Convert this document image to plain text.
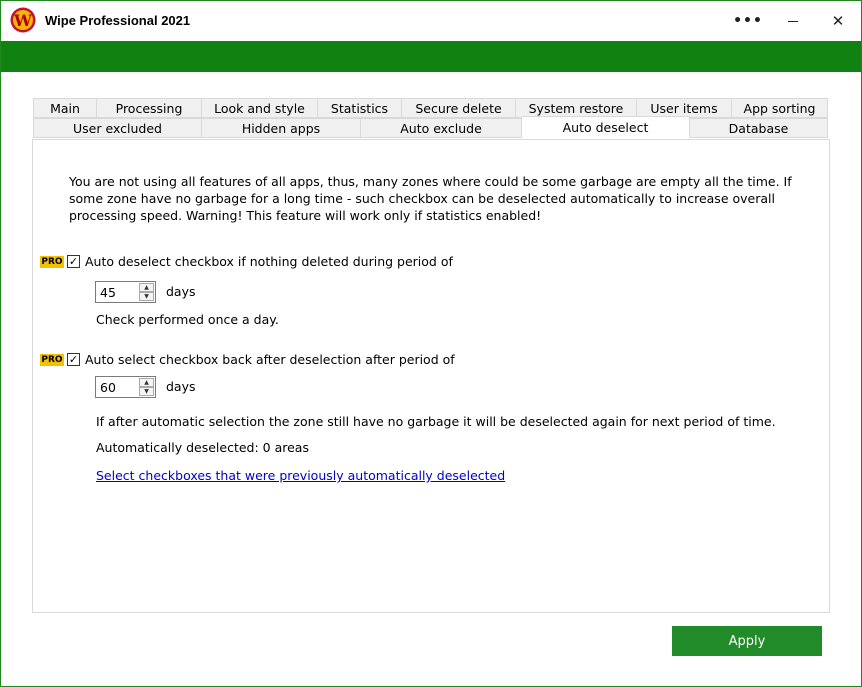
W Wipe Professional 2021	•••	✕
Main	Processing	Look and style	Statistics	Secure delete	System restore	User items	App sorting
User excluded	Hidden apps	Auto exclude	Auto deselect	Database
You are not using all features of all apps, thus, many zones where could be some garbage are empty all the time. If some zone have no garbage for a long time - such checkbox can be deselected automatically to increase overall processing speed. Warning! This feature will work only if statistics enabled!
PRO ✓ Auto deselect checkbox if nothing deleted during period of
45	▲
▼	days
Check performed once a day.
PRO ✓ Auto select checkbox back after deselection after period of
60	▲
▼	days
If after automatic selection the zone still have no garbage it will be deselected again for next period of time.
Automatically deselected: 0 areas
Select checkboxes that were previously automatically deselected
Apply
